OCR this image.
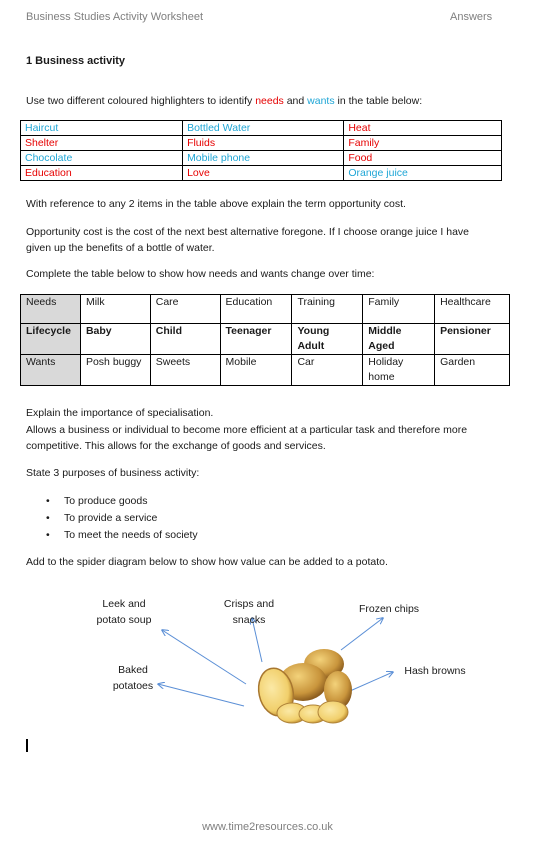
Business Studies Activity Worksheet	Answers
1 Business activity
Use two different coloured highlighters to identify needs and wants in the table below:
Haircut	Bottled Water	Heat
Shelter	Fluids	Family
Chocolate	Mobile phone	Food
Education	Love	Orange juice
With reference to any 2 items in the table above explain the term opportunity cost.
Opportunity cost is the cost of the next best alternative foregone. If I choose orange juice I have
given up the benefits of a bottle of water.
Complete the table below to show how needs and wants change over time:
Needs	Milk	Care	Education	Training	Family	Healthcare
Lifecycle	Baby	Child	Teenager	Young Adult	Middle Aged	Pensioner
Wants	Posh buggy	Sweets	Mobile	Car	Holiday home	Garden
Explain the importance of specialisation.
Allows a business or individual to become more efficient at a particular task and therefore more
competitive. This allows for the exchange of goods and services.
State 3 purposes of business activity:
• To produce goods
• To provide a service
• To meet the needs of society
Add to the spider diagram below to show how value can be added to a potato.
Leek and
potato soup
Crisps and
snacks
Frozen chips
Baked
potatoes
Hash browns
www.time2resources.co.uk
